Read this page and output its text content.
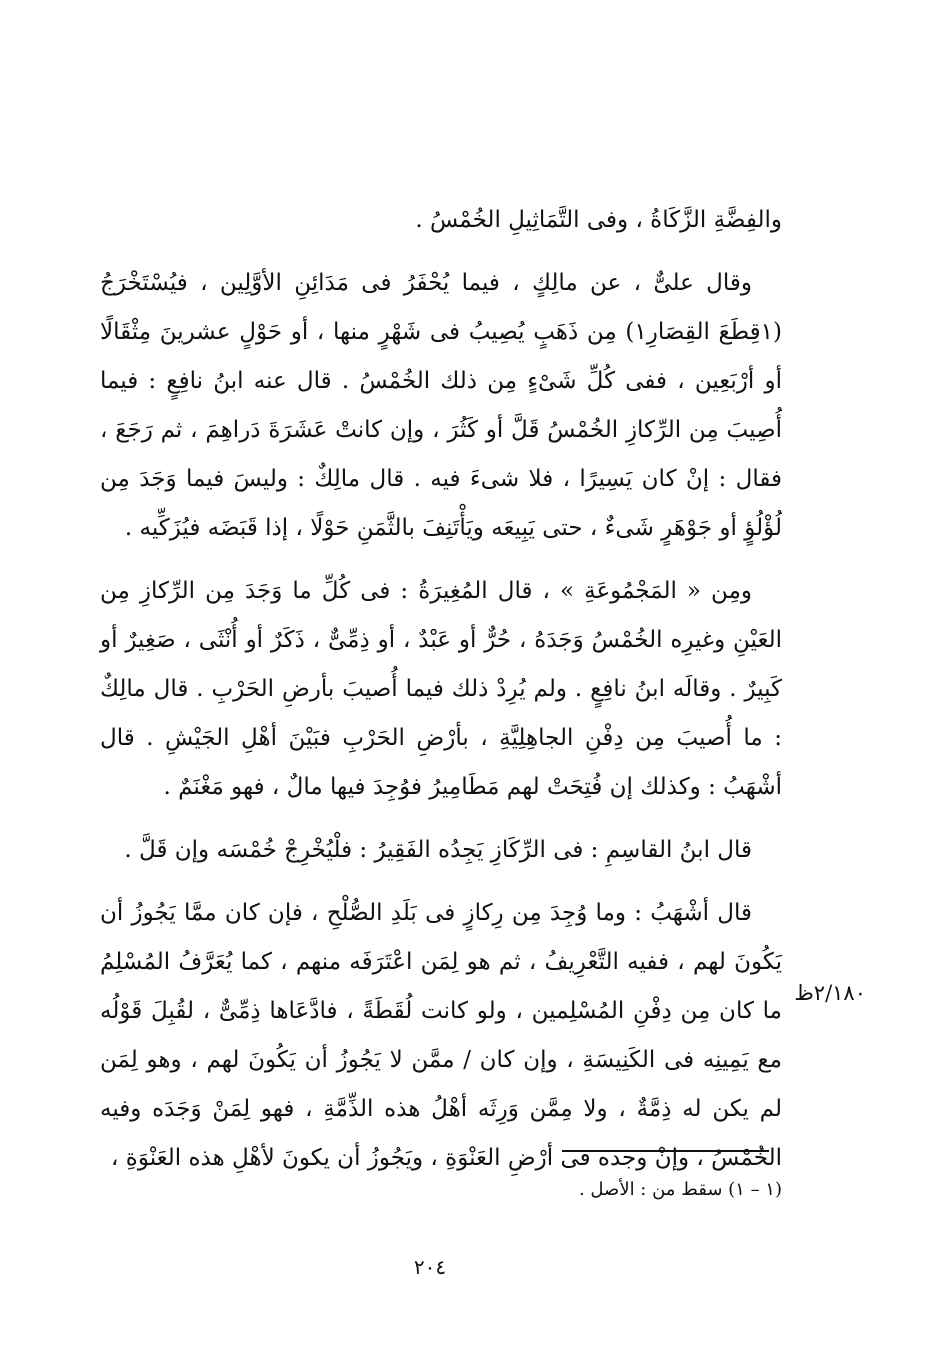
والفِضَّةِ الزَّكَاةُ ، وفى التَّمَاثِيلِ الخُمْسُ .

وقال علىٌّ ، عن مالِكٍ ، فيما يُحْفَرُ فى مَدَائِنِ الأوَّلِين ، فيُسْتَخْرَجُ (١قِطَعَ القِصَارِ١) مِن ذَهَبٍ يُصِيبُ فى شَهْرٍ منها ، أو حَوْلٍ عشرينَ مِثْقَالًا أو أرْبَعِين ، ففى كُلِّ شَىْءٍ مِن ذلك الخُمْسُ . قال عنه ابنُ نافِعٍ : فيما أُصِيبَ مِن الرِّكازِ الخُمْسُ قَلَّ أو كَثُرَ ، وإن كانتْ عَشَرَةَ دَراهِمَ ، ثم رَجَعَ ، فقال : إنْ كان يَسِيرًا ، فلا شىءَ فيه . قال مالِكٌ : وليسَ فيما وَجَدَ مِن لُؤْلُؤٍ أو جَوْهَرٍ شَىءٌ ، حتى يَبِيعَه ويَأْتَنِفَ بالثَّمَنِ حَوْلًا ، إذا قَبَضَه فيُزَكِّيه .

ومِن « المَجْمُوعَةِ » ، قال المُغِيرَةُ : فى كُلِّ ما وَجَدَ مِن الرِّكازِ مِن العَيْنِ وغيرِه الخُمْسُ وَجَدَهُ ، حُرٌّ أو عَبْدٌ ، أو ذِمِّىٌّ ، ذَكَرٌ أو أُنْثَى ، صَغِيرٌ أو كَبِيرٌ . وقالَه ابنُ نافِعٍ . ولم يُرِدْ ذلك فيما أُصيبَ بأرضِ الحَرْبِ . قال مالِكٌ : ما أُصيبَ مِن دِفْنِ الجاهِلِيَّةِ ، بأرْضِ الحَرْبِ فبَيْنَ أهْلِ الجَيْشِ . قال أشْهَبُ : وكذلك إن فُتِحَتْ لهم مَطَامِيرُ فوُجِدَ فيها مالٌ ، فهو مَغْنَمٌ .

قال ابنُ القاسِمِ : فى الرِّكَازِ يَجِدُه الفَقِيرُ : فلْيُخْرِجْ خُمْسَه وإن قَلَّ .

قال أشْهَبُ : وما وُجِدَ مِن رِكازٍ فى بَلَدِ الصُّلْحِ ، فإن كان ممَّا يَجُوزُ أن يَكُونَ لهم ، ففيه التَّعْرِيفُ ، ثم هو لِمَن اعْتَرَفَه منهم ، كما يُعَرَّفُ المُسْلِمُ ما كان مِن دِفْنِ المُسْلِمين ، ولو كانت لُقَطَةً ، فادَّعَاها ذِمِّىٌّ ، لقُبِلَ قَوْلُه مع يَمِينِه فى الكَنِيسَةِ ، وإن كان / ممَّن لا يَجُوزُ أن يَكُونَ لهم ، وهو لِمَن لم يكن له ذِمَّةٌ ، ولا مِمَّن وَرِثَه أهْلُ هذه الذِّمَّةِ ، فهو لِمَنْ وَجَدَه وفيه الخُمْسُ ، وإنْ وجده فى أرْضِ العَنْوَةِ ، ويَجُوزُ أن يكونَ لأهْلِ هذه العَنْوَةِ ،

٢/١٨٠ظ
(١ – ١) سقط من : الأصل .
٢٠٤
